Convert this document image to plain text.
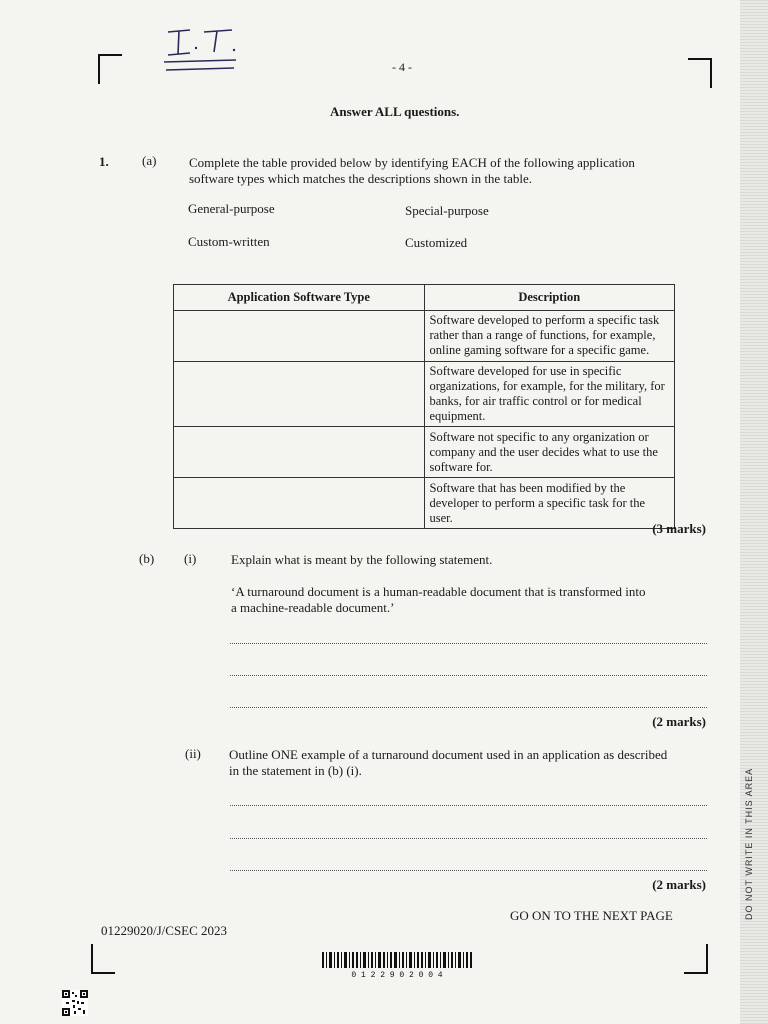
DO NOT WRITE IN THIS AREA
- 4 -
Answer ALL questions.
1.	(a)	Complete the table provided below by identifying EACH of the following application
software types which matches the descriptions shown in the table.
General-purpose	Special-purpose
Custom-written	Customized
Application Software Type	Description
	Software developed to perform a specific task rather than a range of functions, for example, online gaming software for a specific game.
	Software developed for use in specific organizations, for example, for the military, for banks, for air traffic control or for medical equipment.
	Software not specific to any organization or company and the user decides what to use the software for.
	Software that has been modified by the developer to perform a specific task for the user.
(3 marks)
(b) (i)	Explain what is meant by the following statement.
‘A turnaround document is a human-readable document that is transformed into
a machine-readable document.’
(2 marks)
(ii) Outline ONE example of a turnaround document used in an application as described
in the statement in (b) (i).
(2 marks)
GO ON TO THE NEXT PAGE
01229020/J/CSEC 2023
0 1 2 2 9 0 2 0 0 4
